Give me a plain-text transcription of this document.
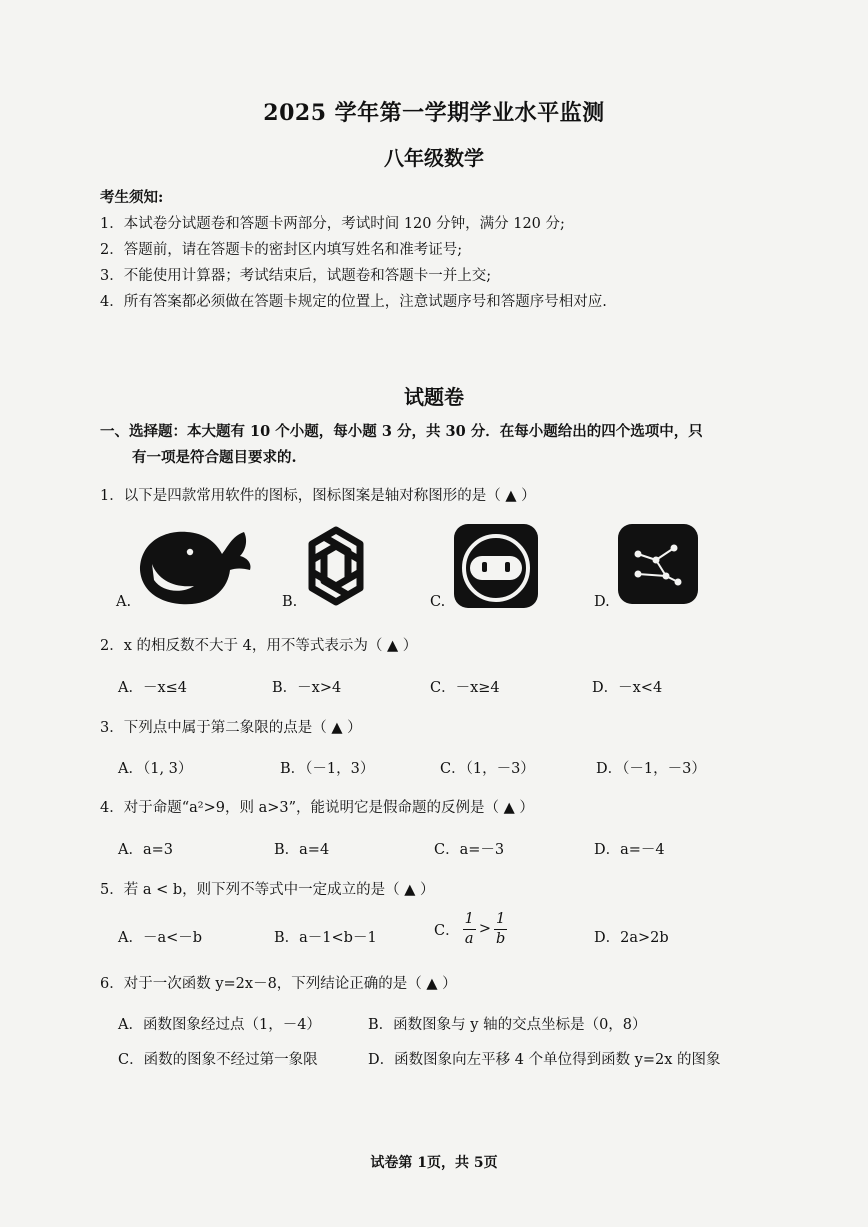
2025 学年第一学期学业水平监测
八年级数学
考生须知:
1．本试卷分试题卷和答题卡两部分，考试时间 120 分钟，满分 120 分;
2．答题前，请在答题卡的密封区内填写姓名和准考证号;
3．不能使用计算器；考试结束后，试题卷和答题卡一并上交;
4．所有答案都必须做在答题卡规定的位置上，注意试题序号和答题序号相对应.
试题卷
一、选择题：本大题有 10 个小题，每小题 3 分，共 30 分．在每小题给出的四个选项中，只
有一项是符合题目要求的.
1．以下是四款常用软件的图标，图标图案是轴对称图形的是（ ▲ ）
A.	B.	C.	D.
2．x 的相反数不大于 4，用不等式表示为（ ▲ ）
A．－x≤4	B．－x>4	C．－x≥4	D．－x<4
3．下列点中属于第二象限的点是（ ▲ ）
A．（1, 3）	B．（－1，3）	C．（1，－3）	D．（－1，－3）
4．对于命题“a²>9，则 a>3”，能说明它是假命题的反例是（ ▲ ）
A．a=3	B．a=4	C．a=－3	D．a=－4
5．若 a < b，则下列不等式中一定成立的是（ ▲ ）
A．－a<－b	B．a－1<b－1	C． $\frac{1}{a} > \frac{1}{b}$	D．2a>2b
6．对于一次函数 y=2x－8，下列结论正确的是（ ▲ ）
A．函数图象经过点（1，－4）	B．函数图象与 y 轴的交点坐标是（0，8）
C．函数的图象不经过第一象限	D．函数图象向左平移 4 个单位得到函数 y=2x 的图象
试卷第 1页，共 5页
